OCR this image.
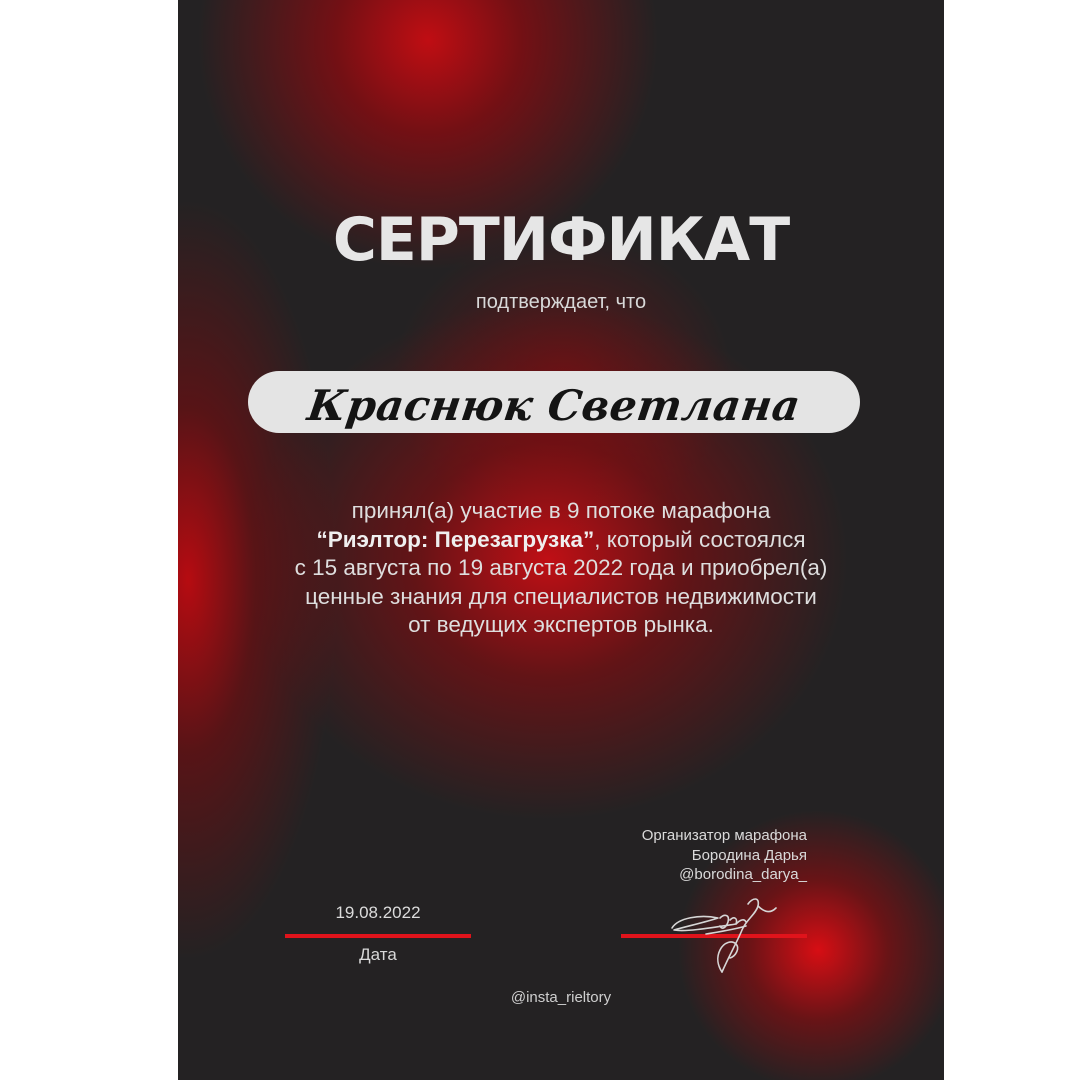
СЕРТИФИКАТ
подтверждает, что
Краснюк Светлана
принял(а) участие в 9 потоке марафона
“Риэлтор: Перезагрузка”, который состоялся
с 15 августа по 19 августа 2022 года и приобрел(а)
ценные знания для специалистов недвижимости
от ведущих экспертов рынка.
Организатор марафона
Бородина Дарья
@borodina_darya_
19.08.2022
Дата
@insta_rieltory
